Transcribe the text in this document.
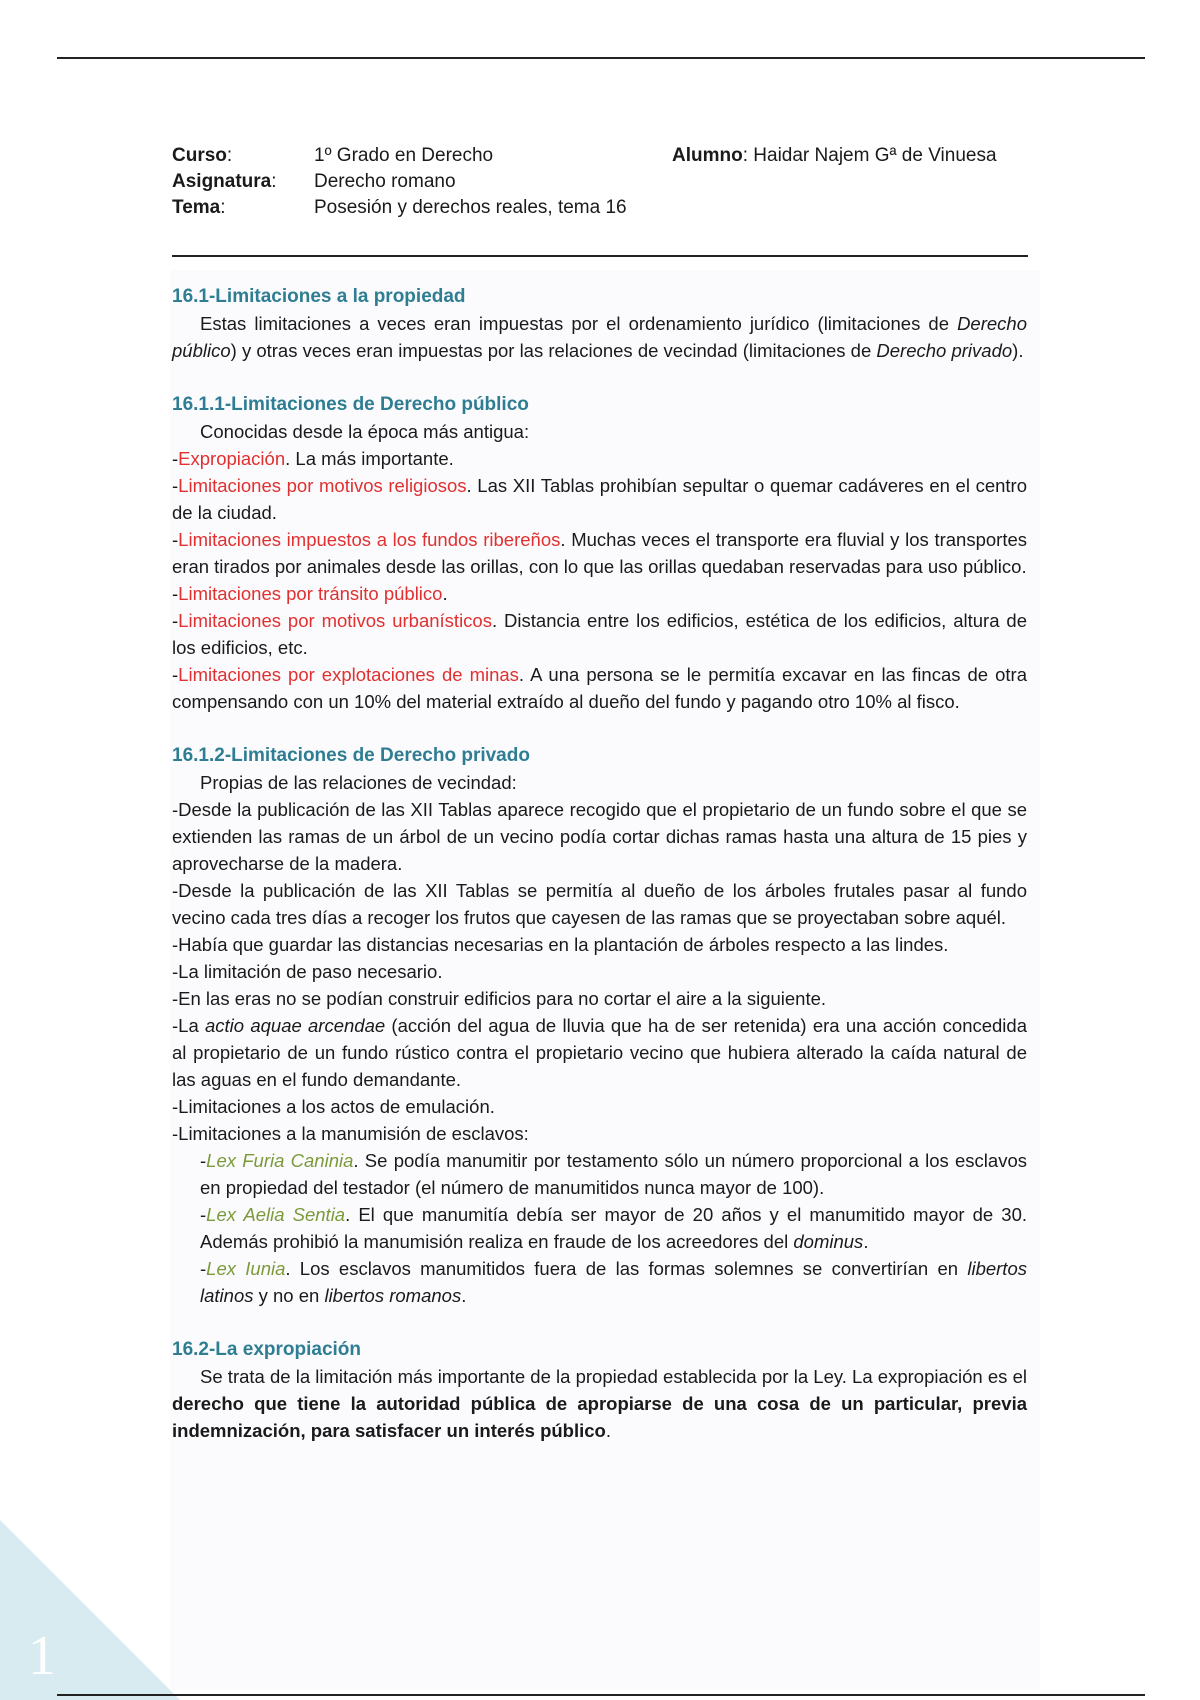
Curso:	1º Grado en Derecho
Asignatura:	Derecho romano
Tema:	Posesión y derechos reales, tema 16
Alumno: Haidar Najem Gª de Vinuesa

16.1-Limitaciones a la propiedad

Estas limitaciones a veces eran impuestas por el ordenamiento jurídico (limitaciones de Derecho público) y otras veces eran impuestas por las relaciones de vecindad (limitaciones de Derecho privado).

16.1.1-Limitaciones de Derecho público

Conocidas desde la época más antigua:

-Expropiación. La más importante.

-Limitaciones por motivos religiosos. Las XII Tablas prohibían sepultar o quemar cadáveres en el centro de la ciudad.

-Limitaciones impuestos a los fundos ribereños. Muchas veces el transporte era fluvial y los transportes eran tirados por animales desde las orillas, con lo que las orillas quedaban reservadas para uso público.

-Limitaciones por tránsito público.

-Limitaciones por motivos urbanísticos. Distancia entre los edificios, estética de los edificios, altura de los edificios, etc.

-Limitaciones por explotaciones de minas. A una persona se le permitía excavar en las fincas de otra compensando con un 10% del material extraído al dueño del fundo y pagando otro 10% al fisco.

16.1.2-Limitaciones de Derecho privado

Propias de las relaciones de vecindad:

-Desde la publicación de las XII Tablas aparece recogido que el propietario de un fundo sobre el que se extienden las ramas de un árbol de un vecino podía cortar dichas ramas hasta una altura de 15 pies y aprovecharse de la madera.

-Desde la publicación de las XII Tablas se permitía al dueño de los árboles frutales pasar al fundo vecino cada tres días a recoger los frutos que cayesen de las ramas que se proyectaban sobre aquél.

-Había que guardar las distancias necesarias en la plantación de árboles respecto a las lindes.

-La limitación de paso necesario.

-En las eras no se podían construir edificios para no cortar el aire a la siguiente.

-La actio aquae arcendae (acción del agua de lluvia que ha de ser retenida) era una acción concedida al propietario de un fundo rústico contra el propietario vecino que hubiera alterado la caída natural de las aguas en el fundo demandante.

-Limitaciones a los actos de emulación.

-Limitaciones a la manumisión de esclavos:

-Lex Furia Caninia. Se podía manumitir por testamento sólo un número proporcional a los esclavos en propiedad del testador (el número de manumitidos nunca mayor de 100).

-Lex Aelia Sentia. El que manumitía debía ser mayor de 20 años y el manumitido mayor de 30. Además prohibió la manumisión realiza en fraude de los acreedores del dominus.

-Lex Iunia. Los esclavos manumitidos fuera de las formas solemnes se convertirían en libertos latinos y no en libertos romanos.

16.2-La expropiación

Se trata de la limitación más importante de la propiedad establecida por la Ley. La expropiación es el derecho que tiene la autoridad pública de apropiarse de una cosa de un particular, previa indemnización, para satisfacer un interés público.

1
